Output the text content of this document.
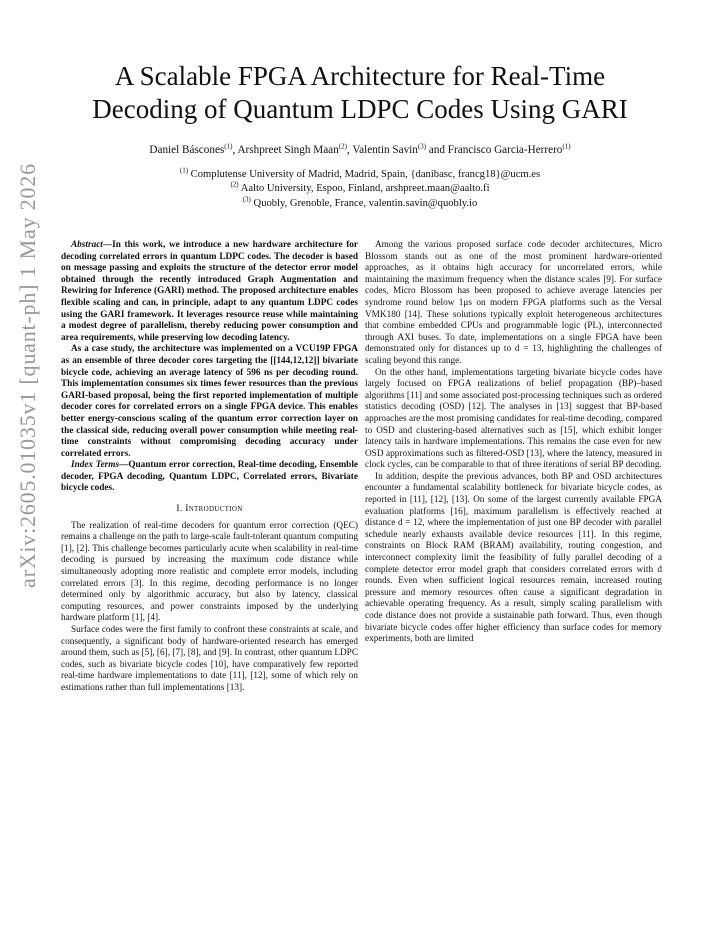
A Scalable FPGA Architecture for Real-Time
Decoding of Quantum LDPC Codes Using GARI
Daniel Báscones$^{(1)}$, Arshpreet Singh Maan$^{(2)}$, Valentin Savin$^{(3)}$ and Francisco Garcia-Herrero$^{(1)}$
$^{(1)}$ Complutense University of Madrid, Madrid, Spain, {danibasc, francg18}@ucm.es
$^{(2)}$ Aalto University, Espoo, Finland, arshpreet.maan@aalto.fi
$^{(3)}$ Quobly, Grenoble, France, valentin.savin@quobly.io
arXiv:2605.01035v1 [quant-ph] 1 May 2026	Abstract—In this work, we introduce a new hardware architecture for decoding correlated errors in quantum LDPC codes. The decoder is based on message passing and exploits the structure of the detector error model obtained through the recently introduced Graph Augmentation and Rewiring for Inference (GARI) method. The proposed architecture enables flexible scaling and can, in principle, adapt to any quantum LDPC codes using the GARI framework. It leverages resource reuse while maintaining a modest degree of parallelism, thereby reducing power consumption and area requirements, while preserving low decoding latency.

As a case study, the architecture was implemented on a VCU19P FPGA as an ensemble of three decoder cores targeting the [[144,12,12]] bivariate bicycle code, achieving an average latency of 596 ns per decoding round. This implementation consumes six times fewer resources than the previous GARI-based proposal, being the first reported implementation of multiple decoder cores for correlated errors on a single FPGA device. This enables better energy-conscious scaling of the quantum error correction layer on the classical side, reducing overall power consumption while meeting real-time constraints without compromising decoding accuracy under correlated errors.

Index Terms—Quantum error correction, Real-time decoding, Ensemble decoder, FPGA decoding, Quantum LDPC, Correlated errors, Bivariate bicycle codes.

I. Introduction

The realization of real-time decoders for quantum error correction (QEC) remains a challenge on the path to large-scale fault-tolerant quantum computing [1], [2]. This challenge becomes particularly acute when scalability in real-time decoding is pursued by increasing the maximum code distance while simultaneously adopting more realistic and complete error models, including correlated errors [3]. In this regime, decoding performance is no longer determined only by algorithmic accuracy, but also by latency, classical computing resources, and power constraints imposed by the underlying hardware platform [1], [4].

Surface codes were the first family to confront these constraints at scale, and consequently, a significant body of hardware-oriented research has emerged around them, such as [5], [6], [7], [8], and [9]. In contrast, other quantum LDPC codes, such as bivariate bicycle codes [10], have comparatively few reported real-time hardware implementations to date [11], [12], some of which rely on estimations rather than full implementations [13].

Among the various proposed surface code decoder architectures, Micro Blossom stands out as one of the most prominent hardware-oriented approaches, as it obtains high accuracy for uncorrelated errors, while maintaining the maximum frequency when the distance scales [9]. For surface codes, Micro Blossom has been proposed to achieve average latencies per syndrome round below 1μs on modern FPGA platforms such as the Versal VMK180 [14]. These solutions typically exploit heterogeneous architectures that combine embedded CPUs and programmable logic (PL), interconnected through AXI buses. To date, implementations on a single FPGA have been demonstrated only for distances up to d = 13, highlighting the challenges of scaling beyond this range.

On the other hand, implementations targeting bivariate bicycle codes have largely focused on FPGA realizations of belief propagation (BP)–based algorithms [11] and some associated post-processing techniques such as ordered statistics decoding (OSD) [12]. The analyses in [13] suggest that BP-based approaches are the most promising candidates for real-time decoding, compared to OSD and clustering-based alternatives such as [15], which exhibit longer latency tails in hardware implementations. This remains the case even for new OSD approximations such as filtered-OSD [13], where the latency, measured in clock cycles, can be comparable to that of three iterations of serial BP decoding.

In addition, despite the previous advances, both BP and OSD architectures encounter a fundamental scalability bottleneck for bivariate bicycle codes, as reported in [11], [12], [13]. On some of the largest currently available FPGA evaluation platforms [16], maximum parallelism is effectively reached at distance d = 12, where the implementation of just one BP decoder with parallel schedule nearly exhausts available device resources [11]. In this regime, constraints on Block RAM (BRAM) availability, routing congestion, and interconnect complexity limit the feasibility of fully parallel decoding of a complete detector error model graph that considers correlated errors with d rounds. Even when sufficient logical resources remain, increased routing pressure and memory resources often cause a significant degradation in achievable operating frequency. As a result, simply scaling parallelism with code distance does not provide a sustainable path forward. Thus, even though bivariate bicycle codes offer higher efficiency than surface codes for memory experiments, both are limited
